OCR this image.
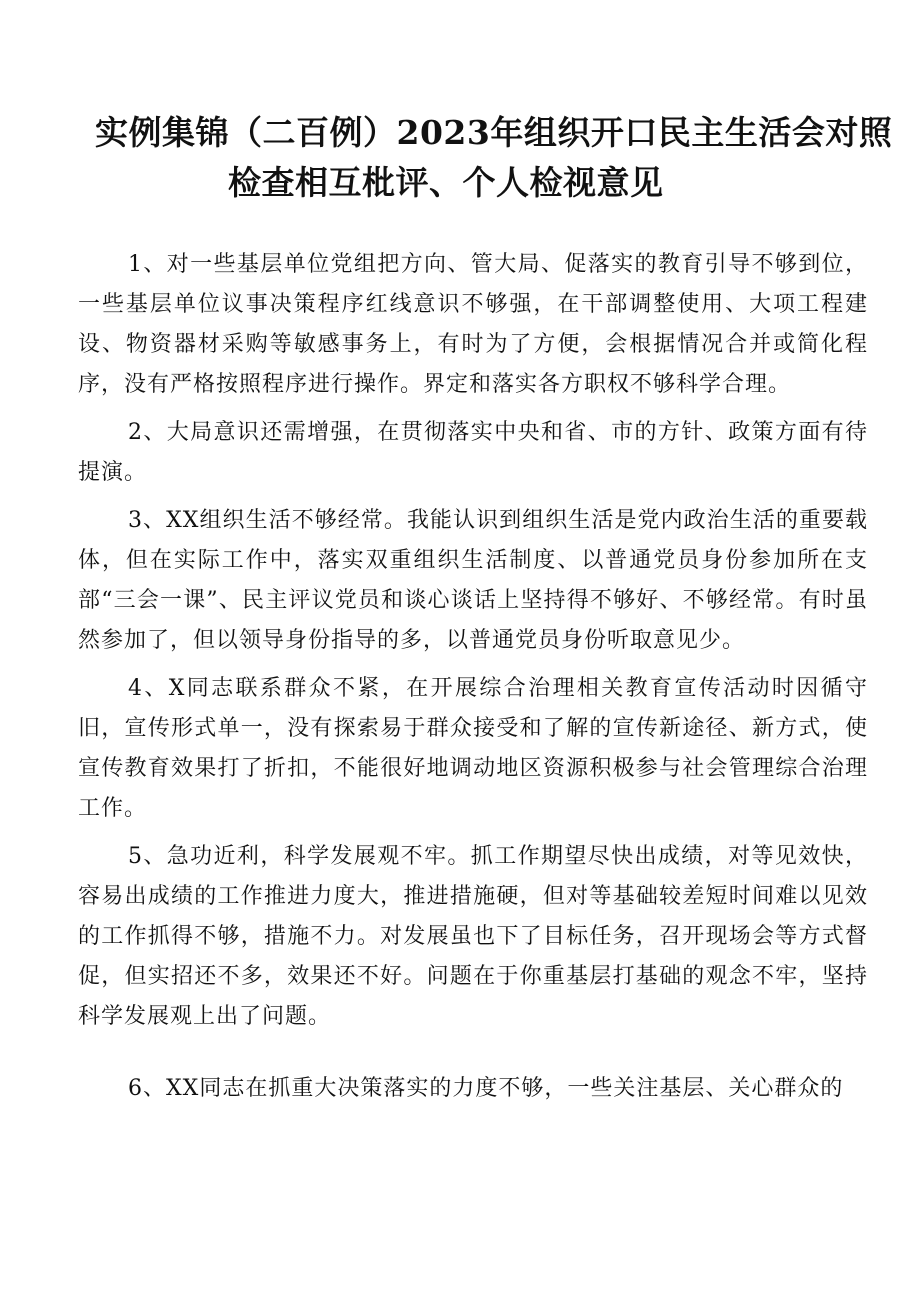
实例集锦（二百例）2023年组织开口民主生活会对照
检查相互枇评、个人检视意见

1、对一些基层单位党组把方向、管大局、促落实的教育引导不够到位，一些基层单位议事决策程序红线意识不够强，在干部调整使用、大项工程建设、物资器材采购等敏感事务上，有时为了方便，会根据情况合并或简化程序，没有严格按照程序进行操作。界定和落实各方职权不够科学合理。

2、大局意识还需增强，在贯彻落实中央和省、市的方针、政策方面有待提演。

3、XX组织生活不够经常。我能认识到组织生活是党内政治生活的重要载体，但在实际工作中，落实双重组织生活制度、以普通党员身份参加所在支部“三会一课”、民主评议党员和谈心谈话上坚持得不够好、不够经常。有时虽然参加了，但以领导身份指导的多，以普通党员身份听取意见少。

4、X同志联系群众不紧，在开展综合治理相关教育宣传活动时因循守旧，宣传形式单一，没有探索易于群众接受和了解的宣传新途径、新方式，使宣传教育效果打了折扣，不能很好地调动地区资源积极参与社会管理综合治理工作。

5、急功近利，科学发展观不牢。抓工作期望尽快出成绩，对等见效快，容易出成绩的工作推进力度大，推进措施硬，但对等基础较差短时间难以见效的工作抓得不够，措施不力。对发展虽也下了目标任务，召开现场会等方式督促，但实招还不多，效果还不好。问题在于你重基层打基础的观念不牢，坚持科学发展观上出了问题。

6、XX同志在抓重大决策落实的力度不够，一些关注基层、关心群众的
